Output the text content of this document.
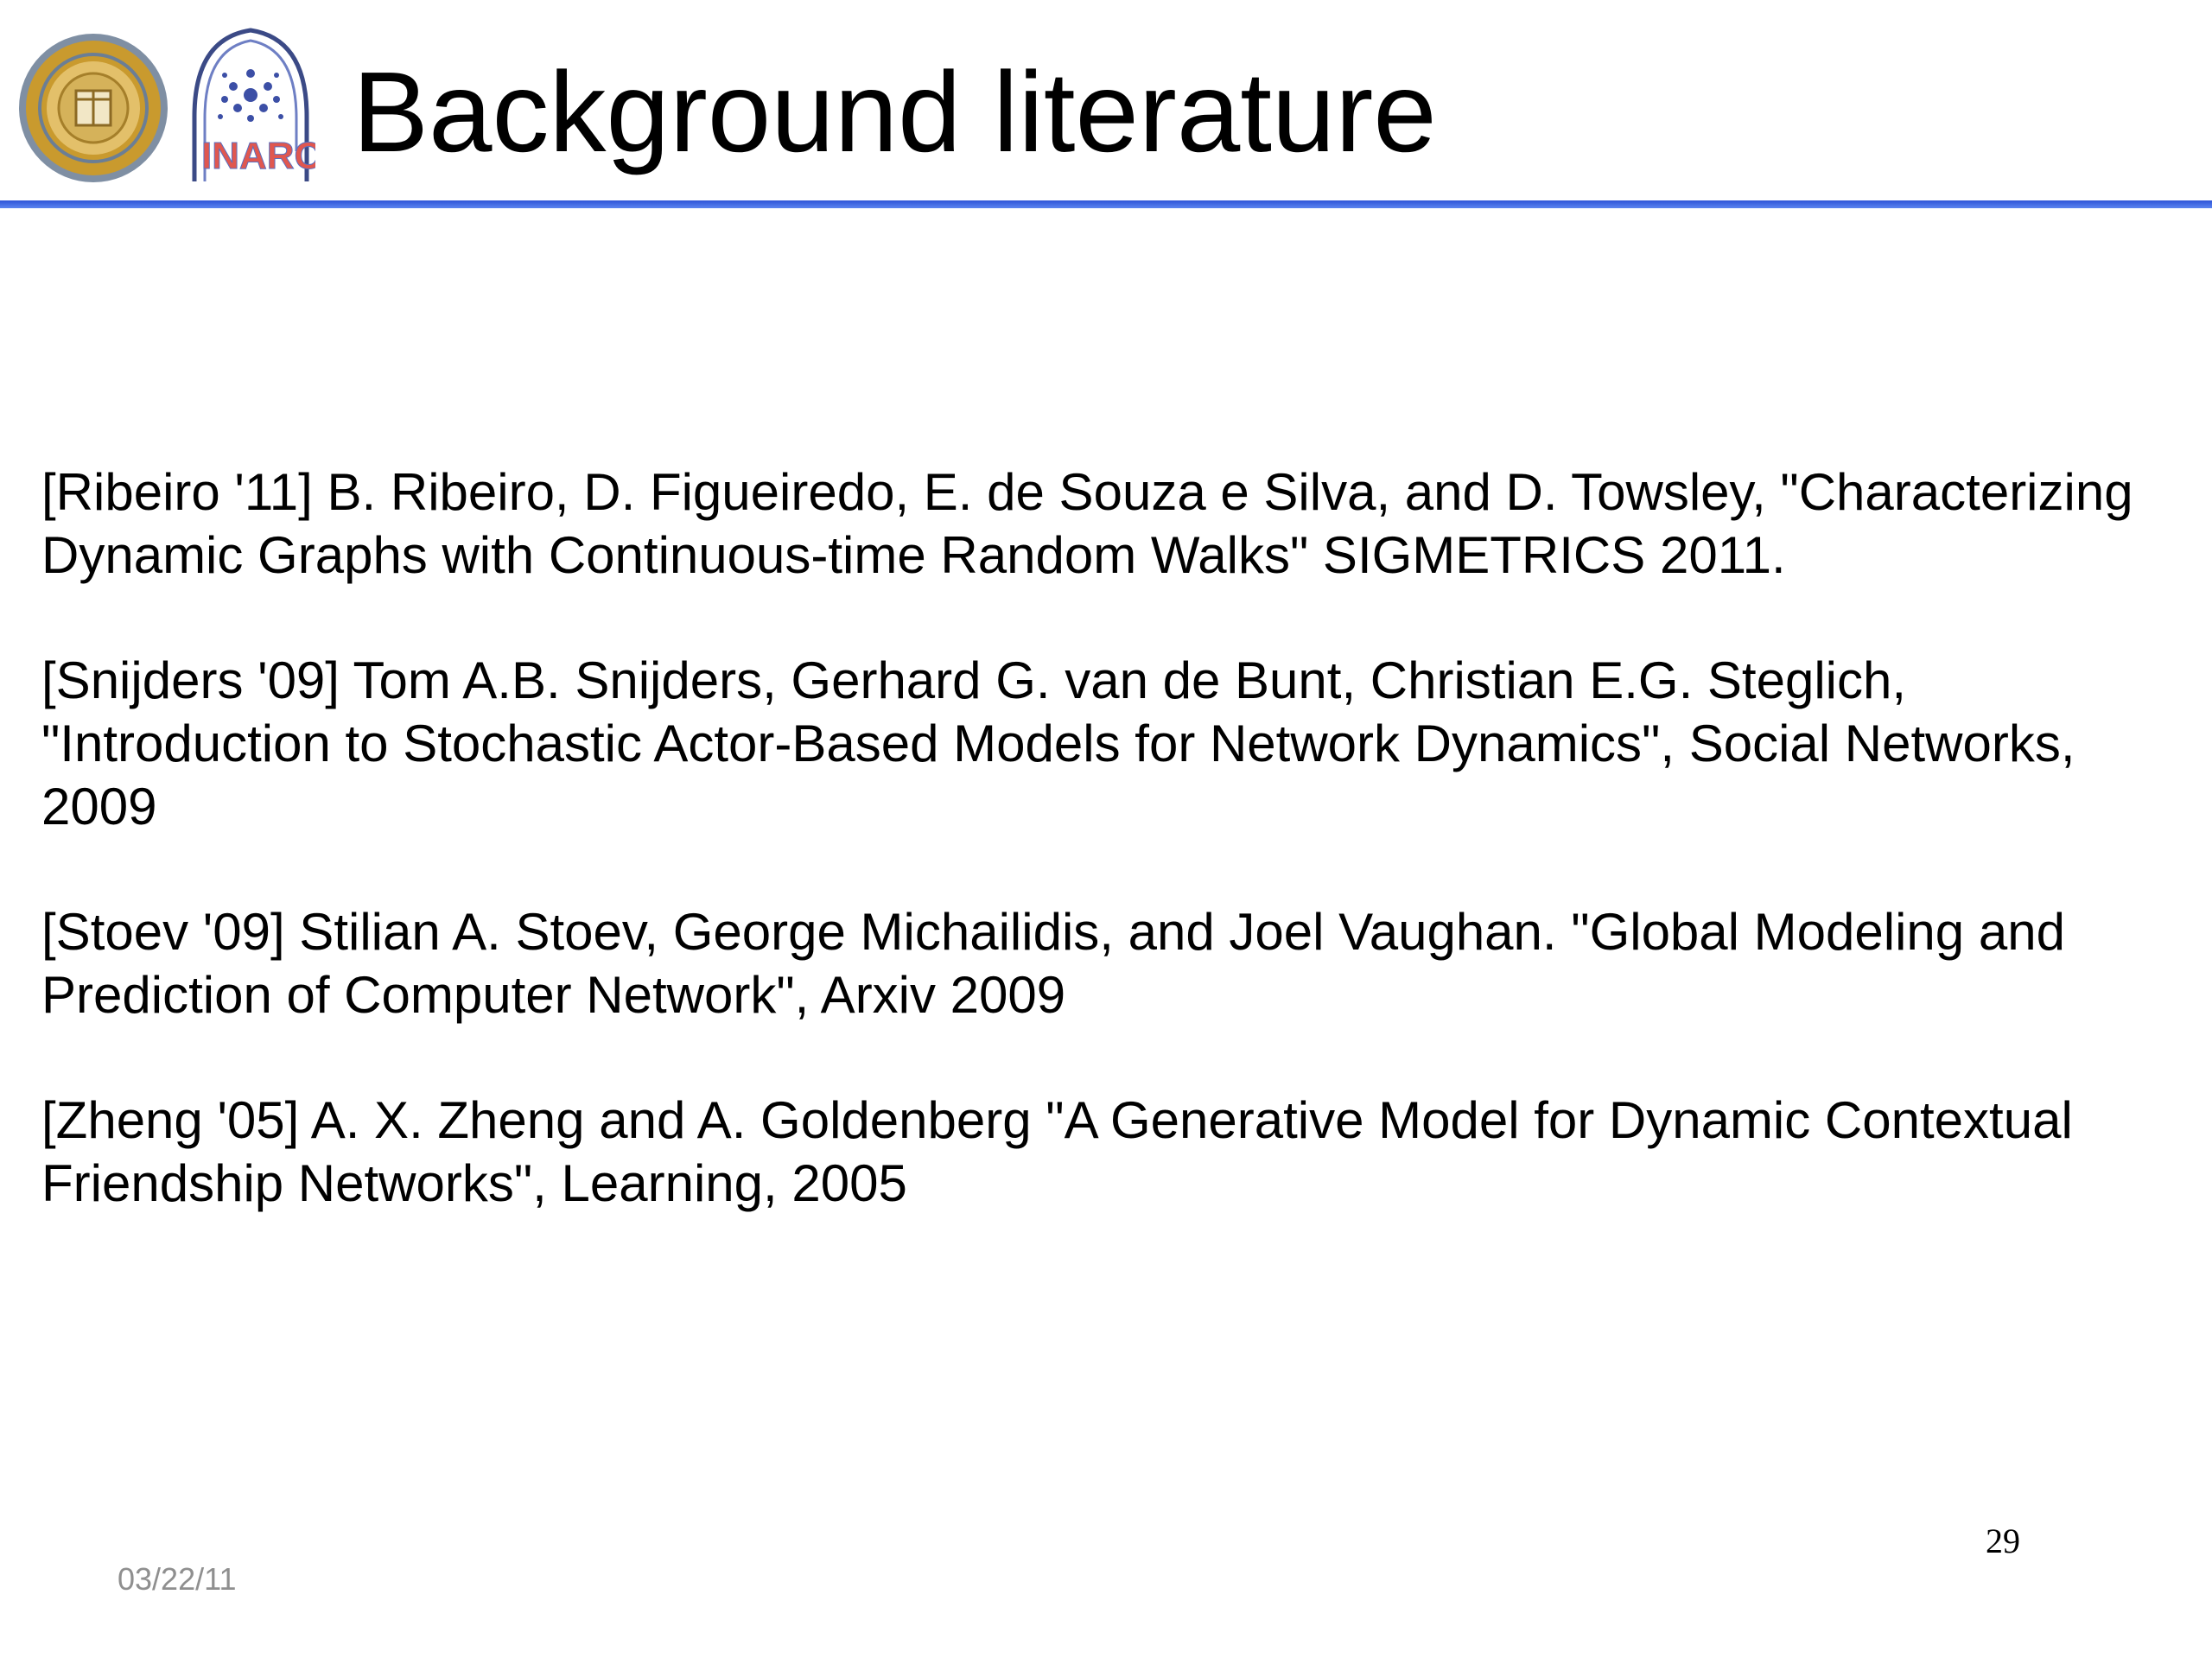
INARC Background literature
[Ribeiro '11] B. Ribeiro, D. Figueiredo, E. de Souza e Silva, and D. Towsley, "Characterizing Dynamic Graphs with Continuous-time Random Walks" SIGMETRICS 2011.
[Snijders '09] Tom A.B. Snijders, Gerhard G. van de Bunt, Christian E.G. Steglich, "Introduction to Stochastic Actor-Based Models for Network Dynamics", Social Networks, 2009
[Stoev '09] Stilian A. Stoev, George Michailidis, and Joel Vaughan. "Global Modeling and Prediction of Computer Network", Arxiv 2009
[Zheng '05] A. X. Zheng and A. Goldenberg "A Generative Model for Dynamic Contextual Friendship Networks", Learning, 2005
29
03/22/11
